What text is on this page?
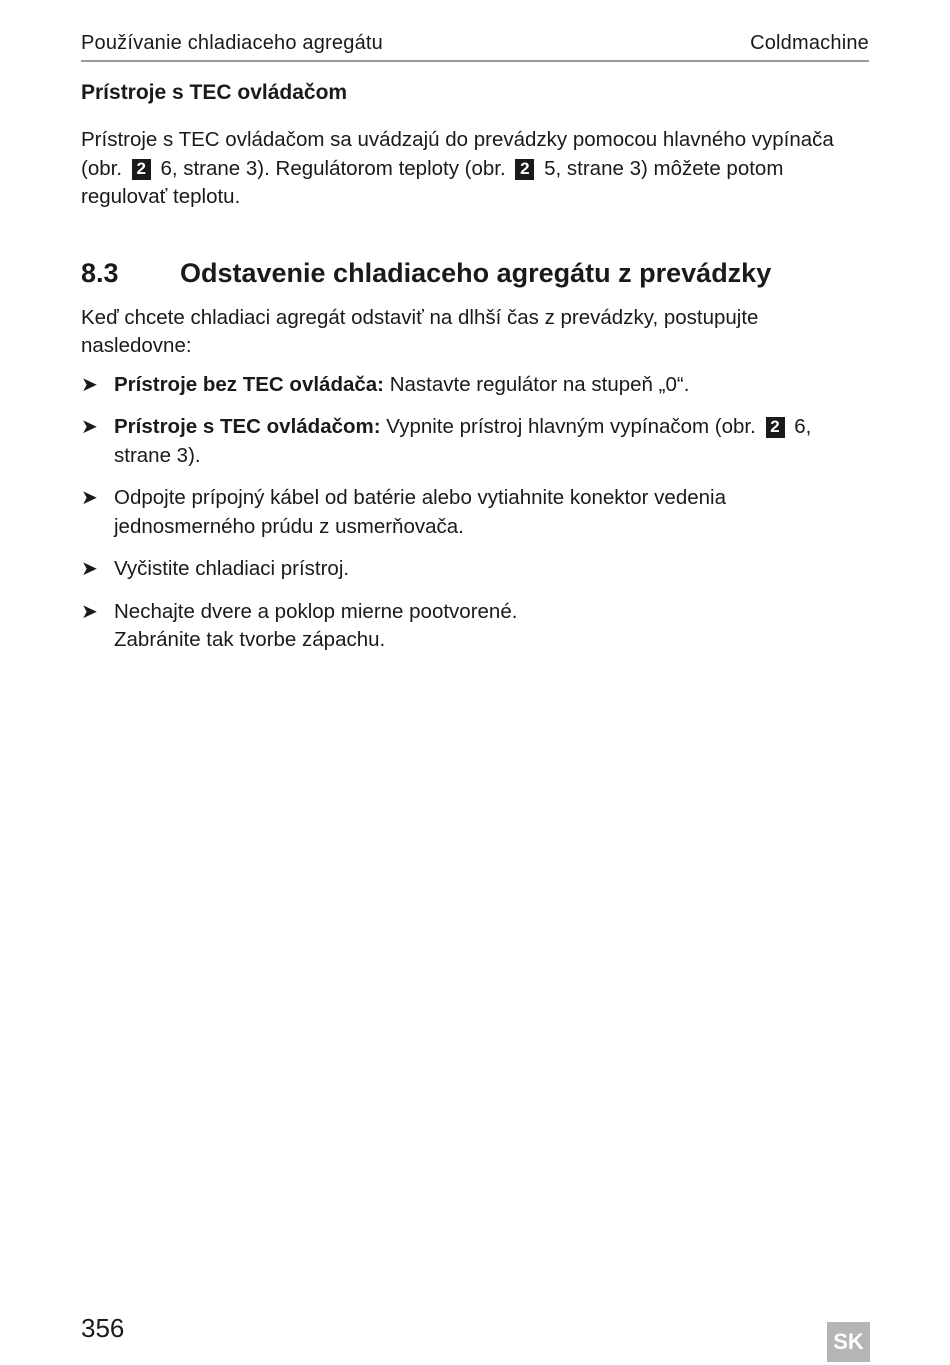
Používanie chladiaceho agregátu	Coldmachine
Prístroje s TEC ovládačom

Prístroje s TEC ovládačom sa uvádzajú do prevádzky pomocou hlavného vypínača (obr. 2 6, strane 3). Regulátorom teploty (obr. 2 5, strane 3) môžete potom regulovať teplotu.

8.3	Odstavenie chladiaceho agregátu z prevádzky

Keď chcete chladiaci agregát odstaviť na dlhší čas z prevádzky, postupujte nasledovne:

➤ Prístroje bez TEC ovládača: Nastavte regulátor na stupeň „0“.
➤ Prístroje s TEC ovládačom: Vypnite prístroj hlavným vypínačom (obr. 2 6, strane 3).
➤ Odpojte prípojný kábel od batérie alebo vytiahnite konektor vedenia jednosmerného prúdu z usmerňovača.
➤ Vyčistite chladiaci prístroj.
➤ Nechajte dvere a poklop mierne pootvorené.
Zabránite tak tvorbe zápachu.
356	SK
